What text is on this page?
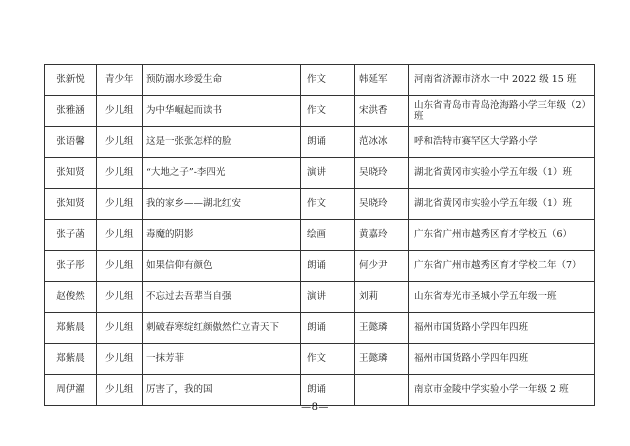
张新悦	青少年	预防溺水珍爱生命	作文	韩延军	河南省济源市济水一中 2022 级 15 班
张雅涵	少儿组	为中华崛起而读书	作文	宋洪香	山东省青岛市青岛沧海路小学三年级（2）班
张语馨	少儿组	这是一张张怎样的脸	朗诵	范冰冰	呼和浩特市赛罕区大学路小学
张知贤	少儿组	“大地之子”-李四光	演讲	吴晓玲	湖北省黄冈市实验小学五年级（1）班
张知贤	少儿组	我的家乡——湖北红安	作文	吴晓玲	湖北省黄冈市实验小学五年级（1）班
张子菡	少儿组	毒魔的阴影	绘画	黄嘉玲	广东省广州市越秀区育才学校五（6）
张子彤	少儿组	如果信仰有颜色	朗诵	何少尹	广东省广州市越秀区育才学校二年（7）
赵俊然	少儿组	不忘过去吾辈当自强	演讲	刘莉	山东省寿光市圣城小学五年级一班
郑紫晨	少儿组	刺破春寒绽红颜傲然伫立青天下	朗诵	王懿璘	福州市国货路小学四年四班
郑紫晨	少儿组	一抹芳菲	作文	王懿璘	福州市国货路小学四年四班
周伊濯	少儿组	厉害了，我的国	朗诵		南京市金陵中学实验小学一年级 2 班
—8—
